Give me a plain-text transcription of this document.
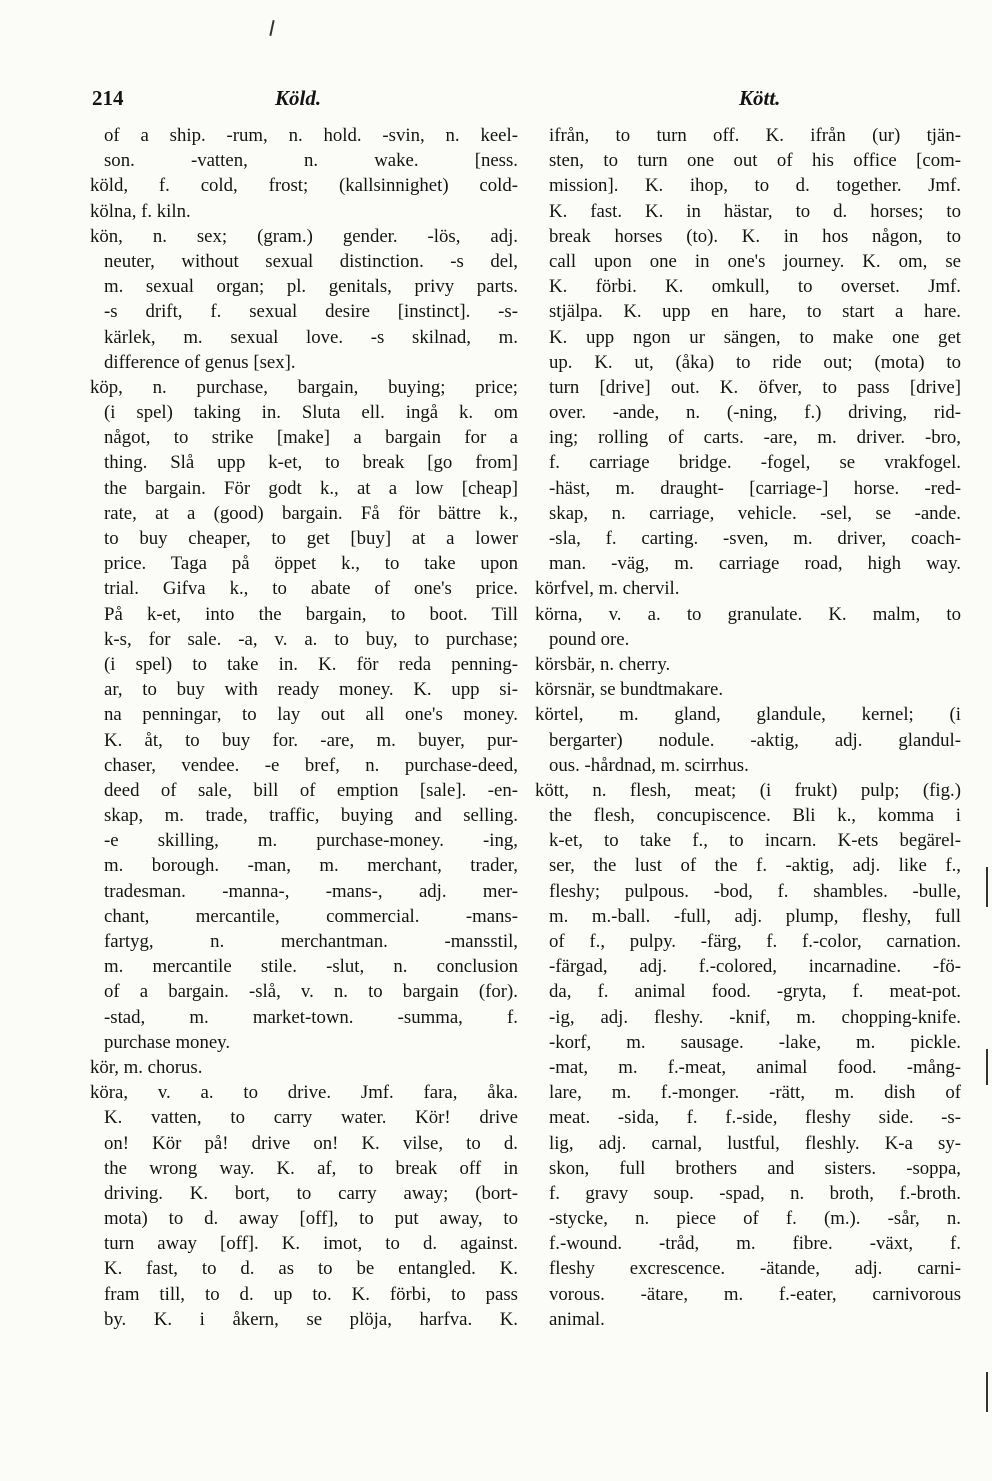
214	Köld.	Kött.
of a ship. -rum, n. hold. -svin, n. keel-
son. -vatten, n. wake. [ness.
köld, f. cold, frost; (kallsinnighet) cold-
kölna, f. kiln.
kön, n. sex; (gram.) gender. -lös, adj.
neuter, without sexual distinction. -s del,
m. sexual organ; pl. genitals, privy parts.
-s drift, f. sexual desire [instinct]. -s-
kärlek, m. sexual love. -s skilnad, m.
difference of genus [sex].
köp, n. purchase, bargain, buying; price;
(i spel) taking in. Sluta ell. ingå k. om
något, to strike [make] a bargain for a
thing. Slå upp k-et, to break [go from]
the bargain. För godt k., at a low [cheap]
rate, at a (good) bargain. Få för bättre k.,
to buy cheaper, to get [buy] at a lower
price. Taga på öppet k., to take upon
trial. Gifva k., to abate of one's price.
På k-et, into the bargain, to boot. Till
k-s, for sale. -a, v. a. to buy, to purchase;
(i spel) to take in. K. för reda penning-
ar, to buy with ready money. K. upp si-
na penningar, to lay out all one's money.
K. åt, to buy for. -are, m. buyer, pur-
chaser, vendee. -e bref, n. purchase-deed,
deed of sale, bill of emption [sale]. -en-
skap, m. trade, traffic, buying and selling.
-e skilling, m. purchase-money. -ing,
m. borough. -man, m. merchant, trader,
tradesman. -manna-, -mans-, adj. mer-
chant, mercantile, commercial. -mans-
fartyg, n. merchantman. -mansstil,
m. mercantile stile. -slut, n. conclusion
of a bargain. -slå, v. n. to bargain (for).
-stad, m. market-town. -summa, f.
purchase money.
kör, m. chorus.
köra, v. a. to drive. Jmf. fara, åka.
K. vatten, to carry water. Kör! drive
on! Kör på! drive on! K. vilse, to d.
the wrong way. K. af, to break off in
driving. K. bort, to carry away; (bort-
mota) to d. away [off], to put away, to
turn away [off]. K. imot, to d. against.
K. fast, to d. as to be entangled. K.
fram till, to d. up to. K. förbi, to pass
by. K. i åkern, se plöja, harfva. K.
ifrån, to turn off. K. ifrån (ur) tjän-
sten, to turn one out of his office [com-
mission]. K. ihop, to d. together. Jmf.
K. fast. K. in hästar, to d. horses; to
break horses (to). K. in hos någon, to
call upon one in one's journey. K. om, se
K. förbi. K. omkull, to overset. Jmf.
stjälpa. K. upp en hare, to start a hare.
K. upp ngon ur sängen, to make one get
up. K. ut, (åka) to ride out; (mota) to
turn [drive] out. K. öfver, to pass [drive]
over. -ande, n. (-ning, f.) driving, rid-
ing; rolling of carts. -are, m. driver. -bro,
f. carriage bridge. -fogel, se vrakfogel.
-häst, m. draught- [carriage-] horse. -red-
skap, n. carriage, vehicle. -sel, se -ande.
-sla, f. carting. -sven, m. driver, coach-
man. -väg, m. carriage road, high way.
körfvel, m. chervil.
körna, v. a. to granulate. K. malm, to
pound ore.
körsbär, n. cherry.
körsnär, se bundtmakare.
körtel, m. gland, glandule, kernel; (i
bergarter) nodule. -aktig, adj. glandul-
ous. -hårdnad, m. scirrhus.
kött, n. flesh, meat; (i frukt) pulp; (fig.)
the flesh, concupiscence. Bli k., komma i
k-et, to take f., to incarn. K-ets begärel-
ser, the lust of the f. -aktig, adj. like f.,
fleshy; pulpous. -bod, f. shambles. -bulle,
m. m.-ball. -full, adj. plump, fleshy, full
of f., pulpy. -färg, f. f.-color, carnation.
-färgad, adj. f.-colored, incarnadine. -fö-
da, f. animal food. -gryta, f. meat-pot.
-ig, adj. fleshy. -knif, m. chopping-knife.
-korf, m. sausage. -lake, m. pickle.
-mat, m. f.-meat, animal food. -mång-
lare, m. f.-monger. -rätt, m. dish of
meat. -sida, f. f.-side, fleshy side. -s-
lig, adj. carnal, lustful, fleshly. K-a sy-
skon, full brothers and sisters. -soppa,
f. gravy soup. -spad, n. broth, f.-broth.
-stycke, n. piece of f. (m.). -sår, n.
f.-wound. -tråd, m. fibre. -växt, f.
fleshy excrescence. -ätande, adj. carni-
vorous. -ätare, m. f.-eater, carnivorous
animal.
